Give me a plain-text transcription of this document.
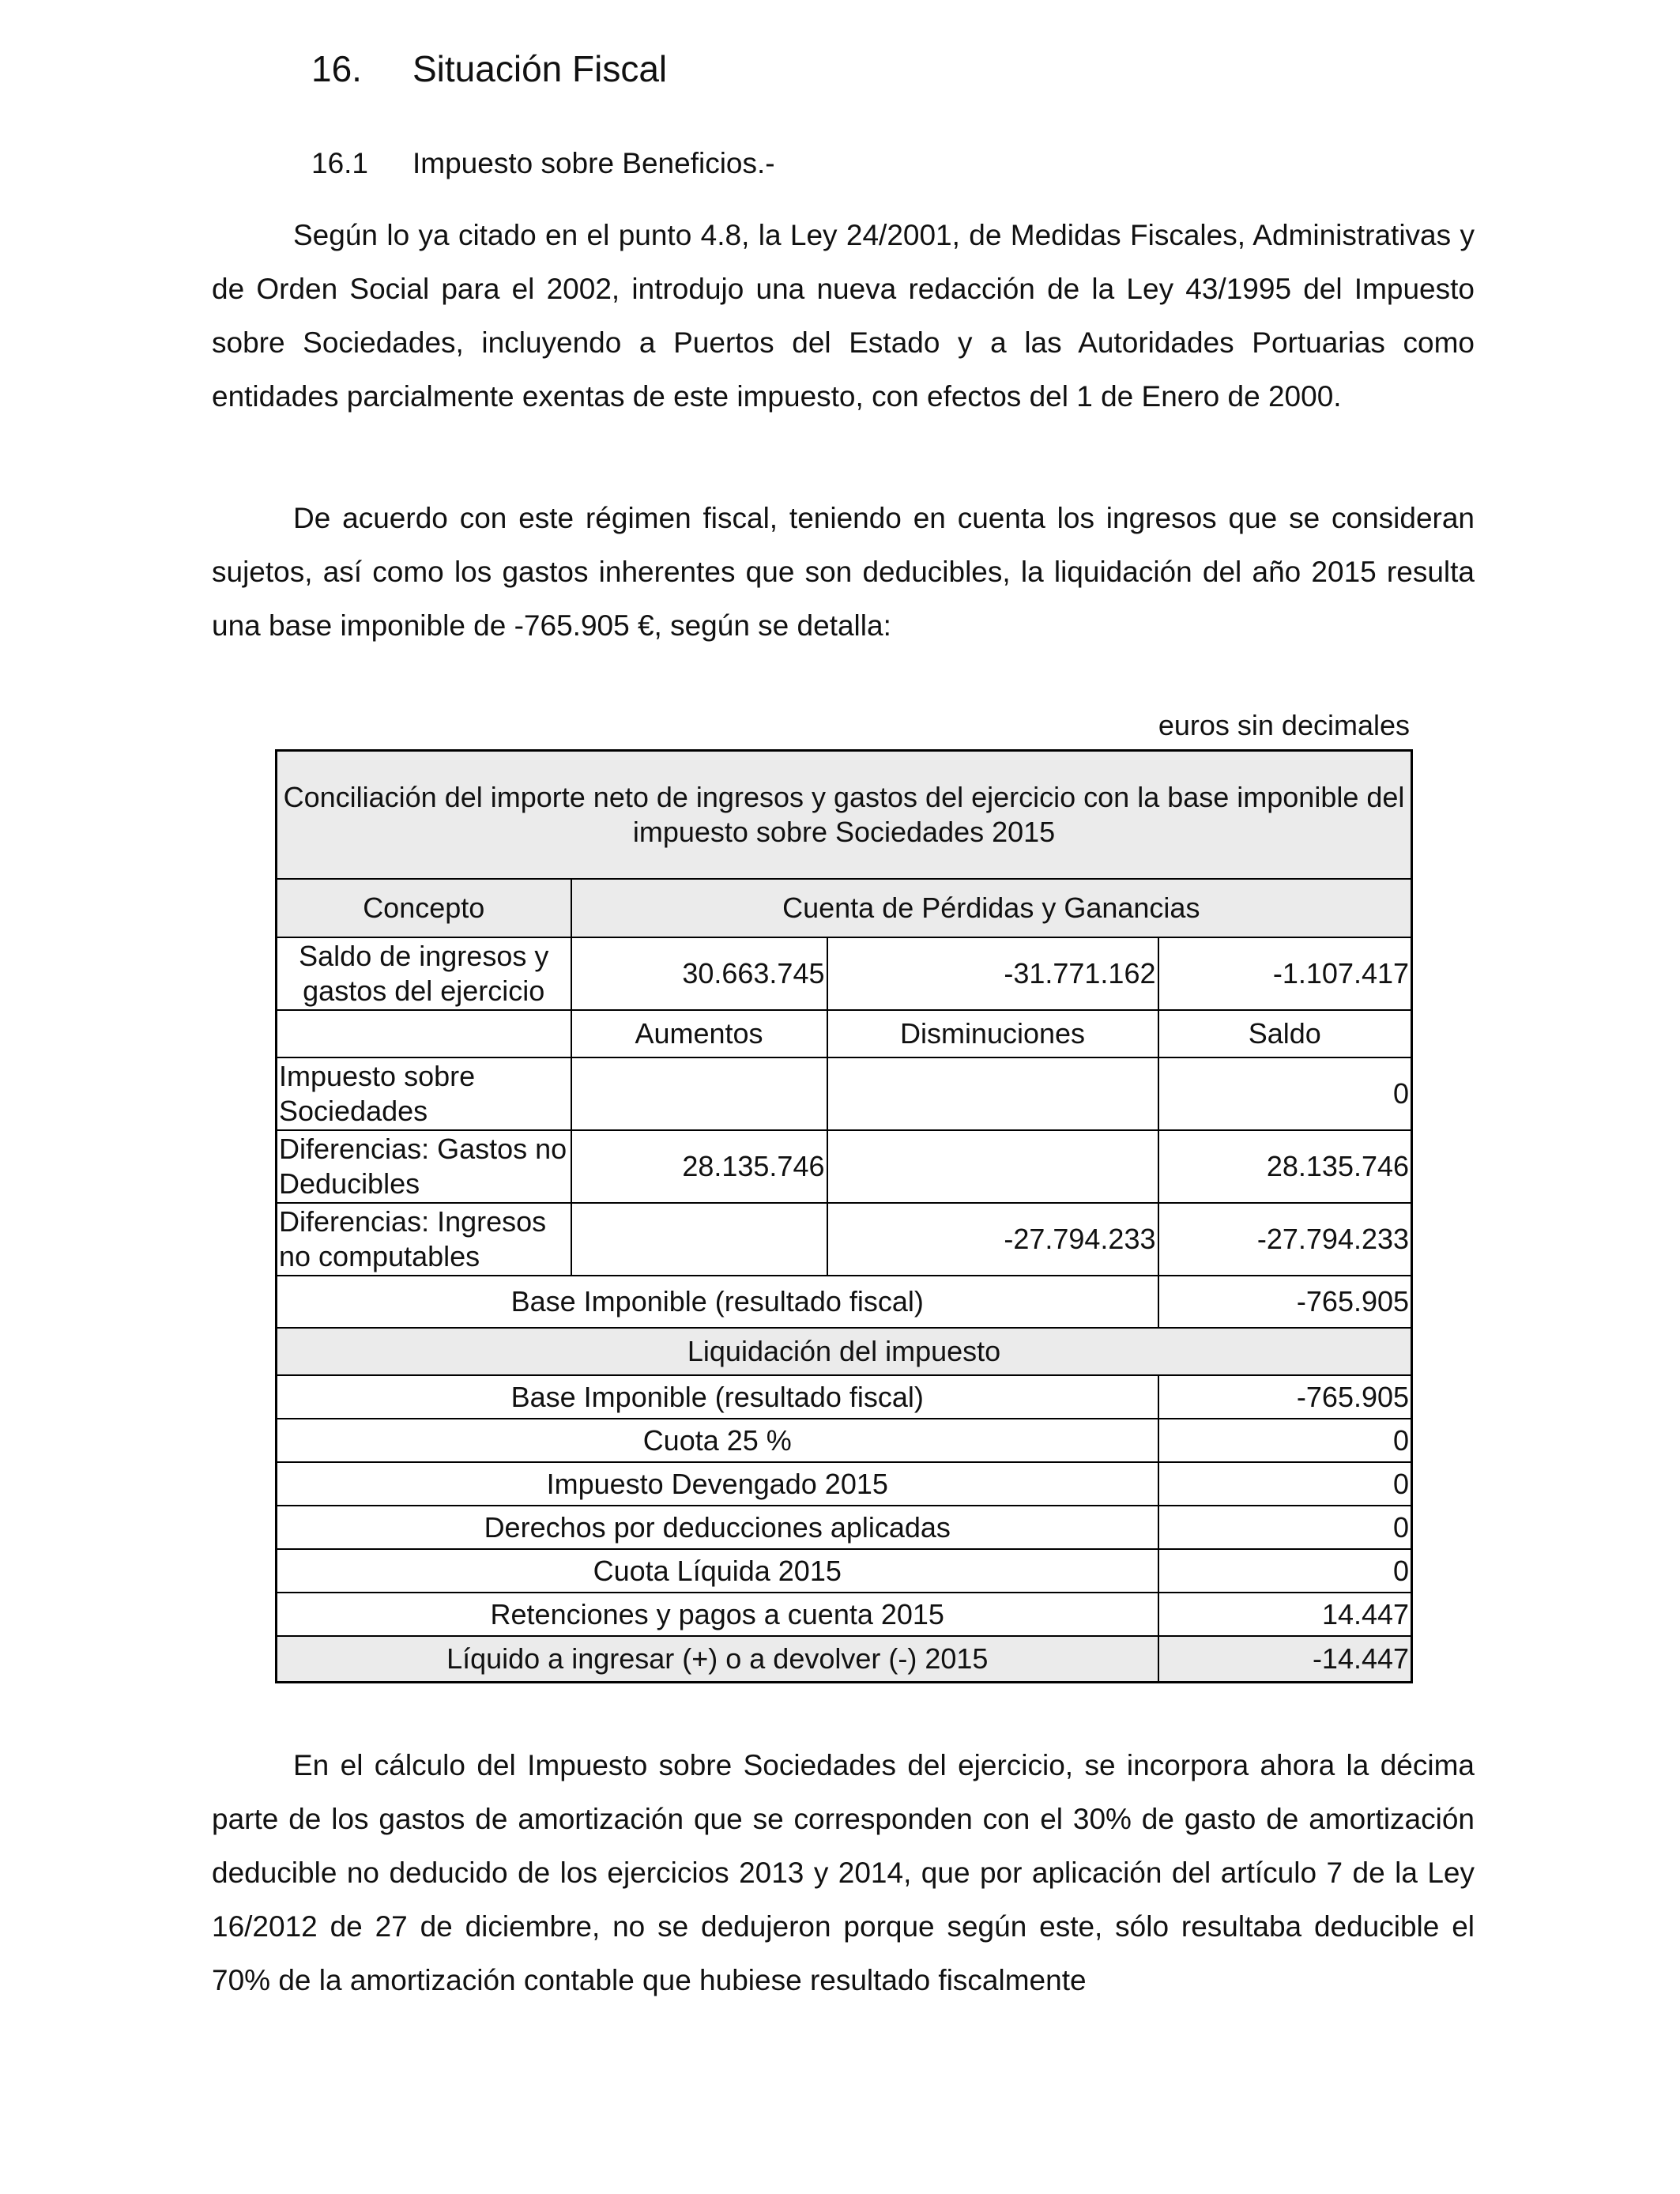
16. Situación Fiscal
16.1 Impuesto sobre Beneficios.-

Según lo ya citado en el punto 4.8, la Ley 24/2001, de Medidas Fiscales, Administrativas y de Orden Social para el 2002, introdujo una nueva redacción de la Ley 43/1995 del Impuesto sobre Sociedades, incluyendo a Puertos del Estado y a las Autoridades Portuarias como entidades parcialmente exentas de este impuesto, con efectos del 1 de Enero de 2000.

De acuerdo con este régimen fiscal, teniendo en cuenta los ingresos que se consideran sujetos, así como los gastos inherentes que son deducibles, la liquidación del año 2015 resulta una base imponible de -765.905 €, según se detalla:

euros sin decimales
Conciliación del importe neto de ingresos y gastos del ejercicio con la base imponible del impuesto sobre Sociedades 2015			
Concepto	Cuenta de Pérdidas y Ganancias		
Saldo de ingresos y gastos del ejercicio	30.663.745	-31.771.162	-1.107.417
	Aumentos	Disminuciones	Saldo
Impuesto sobre Sociedades			0
Diferencias: Gastos no Deducibles	28.135.746		28.135.746
Diferencias: Ingresos no computables		-27.794.233	-27.794.233
Base Imponible (resultado fiscal)			-765.905
Liquidación del impuesto			
Base Imponible (resultado fiscal)			-765.905
Cuota 25 %			0
Impuesto Devengado 2015			0
Derechos por deducciones aplicadas			0
Cuota Líquida 2015			0
Retenciones y pagos a cuenta 2015			14.447
Líquido a ingresar (+) o a devolver (-) 2015			-14.447

En el cálculo del Impuesto sobre Sociedades del ejercicio, se incorpora ahora la décima parte de los gastos de amortización que se corresponden con el 30% de gasto de amortización deducible no deducido de los ejercicios 2013 y 2014, que por aplicación del artículo 7 de la Ley 16/2012 de 27 de diciembre, no se dedujeron porque según este, sólo resultaba deducible el 70% de la amortización contable que hubiese resultado fiscalmente
